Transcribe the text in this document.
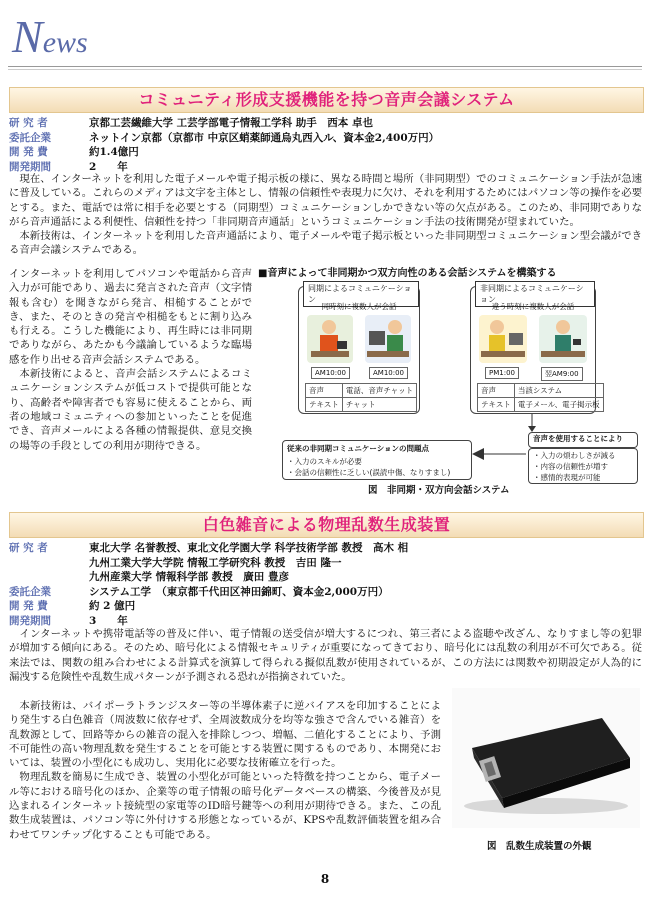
News
コミュニティ形成支援機能を持つ音声会議システム
研 究 者	京都工芸繊維大学 工芸学部電子情報工学科 助手　西本 卓也
委託企業	ネットイン京都（京都市 中京区蛸薬師通烏丸西入ル、資本金2,400万円）
開 発 費	約1.4億円
開発期間	2　　年

現在、インターネットを利用した電子メールや電子掲示板の様に、異なる時間と場所（非同期型）でのコミュニケーション手法が急速に普及している。これらのメディアは文字を主体とし、情報の信頼性や表現力に欠け、それを利用するためにはパソコン等の操作を必要とする。また、電話では常に相手を必要とする（同期型）コミュニケーションしかできない等の欠点がある。このため、非同期でありながら音声通話による利便性、信頼性を持つ「非同期音声通話」というコミュニケーション手法の技術開発が望まれていた。

本新技術は、インターネットを利用した音声通話により、電子メールや電子掲示板といった非同期型コミュニケーション型会議ができる音声会議システムである。

インターネットを利用してパソコンや電話から音声入力が可能であり、過去に発言された音声（文字情報も含む）を聞きながら発言、相槌することができ、また、そのときの発言や相槌をもとに割り込みも行える。こうした機能により、再生時には非同期でありながら、あたかも今議論しているような臨場感を作り出せる音声会話システムである。

本新技術によると、音声会話システムによるコミュニケーションシステムが低コストで提供可能となり、高齢者や障害者でも容易に使えることから、両者の地域コミュニティへの参加といったことを促進でき、音声メールによる各種の情報提供、意見交換の場等の手段としての利用が期待できる。

■音声によって非同期かつ双方向性のある会話システムを構築する
同期によるコミュニケーション
同時刻に複数人が会話
AM10:00	AM10:00
音声	電話、音声チャット
テキスト	チャット
非同期によるコミュニケーション
違う時刻に複数人が会話
PM1:00	翌AM9:00
音声	当該システム
テキスト	電子メール、電子掲示板
従来の非同期コミュニケーションの問題点
・入力のスキルが必要
・会話の信頼性に乏しい(誤読中傷、なりすまし)
音声を使用することにより
・入力の煩わしさが減る
・内容の信頼性が増す
・感情的表現が可能
図　非同期・双方向会話システム
白色雑音による物理乱数生成装置
研 究 者	東北大学 名誉教授、東北文化学園大学 科学技術学部 教授　高木 相
九州工業大学大学院 情報工学研究科 教授　吉田 隆一
九州産業大学 情報科学部 教授　廣田 豊彦
委託企業	システム工学　（東京都千代田区神田錦町、資本金2,000万円）
開 発 費	約 2 億円
開発期間	3　　年

インターネットや携帯電話等の普及に伴い、電子情報の送受信が増大するにつれ、第三者による盗聴や改ざん、なりすまし等の犯罪が増加する傾向にある。そのため、暗号化による情報セキュリティが重要になってきており、暗号化には乱数の利用が不可欠である。従来法では、関数の組み合わせによる計算式を演算して得られる擬似乱数が使用されているが、この方法には関数や初期設定が人為的に漏洩する危険性や乱数生成パターンが予測される恐れが指摘されていた。

本新技術は、バイポーラトランジスター等の半導体素子に逆バイアスを印加することにより発生する白色雑音（周波数に依存せず、全周波数成分を均等な強さで含んでいる雑音）を乱数源として、回路等からの雑音の混入を排除しつつ、増幅、二値化することにより、予測不可能性の高い物理乱数を発生することを可能とする装置に関するものであり、本開発においては、装置の小型化にも成功し、実用化に必要な技術確立を行った。

物理乱数を簡易に生成でき、装置の小型化が可能といった特徴を持つことから、電子メール等における暗号化のほか、企業等の電子情報の暗号化データベースの構築、今後普及が見込まれるインターネット接続型の家電等のID暗号鍵等への利用が期待できる。また、この乱数生成装置は、パソコン等に外付けする形態となっているが、KPSや乱数評価装置を組み合わせてワンチップ化することも可能である。

図　乱数生成装置の外観
8
